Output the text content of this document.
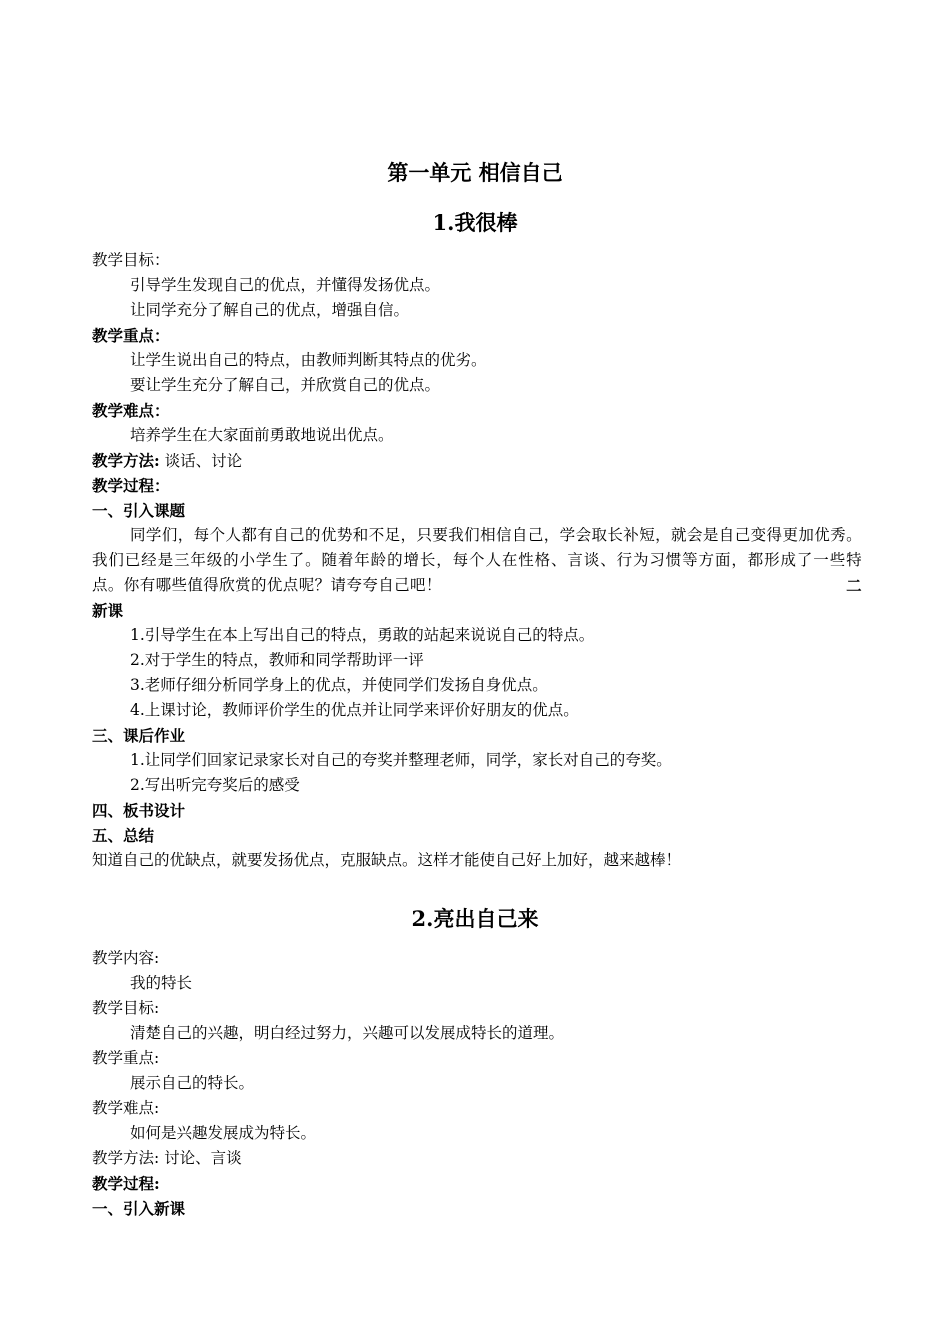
第一单元 相信自己
1.我很棒
教学目标：
引导学生发现自己的优点，并懂得发扬优点。
让同学充分了解自己的优点，增强自信。
教学重点：
让学生说出自己的特点，由教师判断其特点的优劣。
要让学生充分了解自己，并欣赏自己的优点。
教学难点：
培养学生在大家面前勇敢地说出优点。
教学方法: 谈话、讨论
教学过程：
一、引入课题
同学们，每个人都有自己的优势和不足，只要我们相信自己，学会取长补短，就会是自己变得更加优秀。我们已经是三年级的小学生了。随着年龄的增长，每个人在性格、言谈、行为习惯等方面，都形成了一些特点。你有哪些值得欣赏的优点呢？请夸夸自己吧！	二
新课
1.引导学生在本上写出自己的特点，勇敢的站起来说说自己的特点。
2.对于学生的特点，教师和同学帮助评一评
3.老师仔细分析同学身上的优点，并使同学们发扬自身优点。
4.上课讨论，教师评价学生的优点并让同学来评价好朋友的优点。
三、课后作业
1.让同学们回家记录家长对自己的夸奖并整理老师，同学，家长对自己的夸奖。
2.写出听完夸奖后的感受
四、板书设计
五、总结
知道自己的优缺点，就要发扬优点，克服缺点。这样才能使自己好上加好，越来越棒！
2.亮出自己来
教学内容:
我的特长
教学目标:
清楚自己的兴趣，明白经过努力，兴趣可以发展成特长的道理。
教学重点:
展示自己的特长。
教学难点:
如何是兴趣发展成为特长。
教学方法: 讨论、言谈
教学过程:
一、引入新课
